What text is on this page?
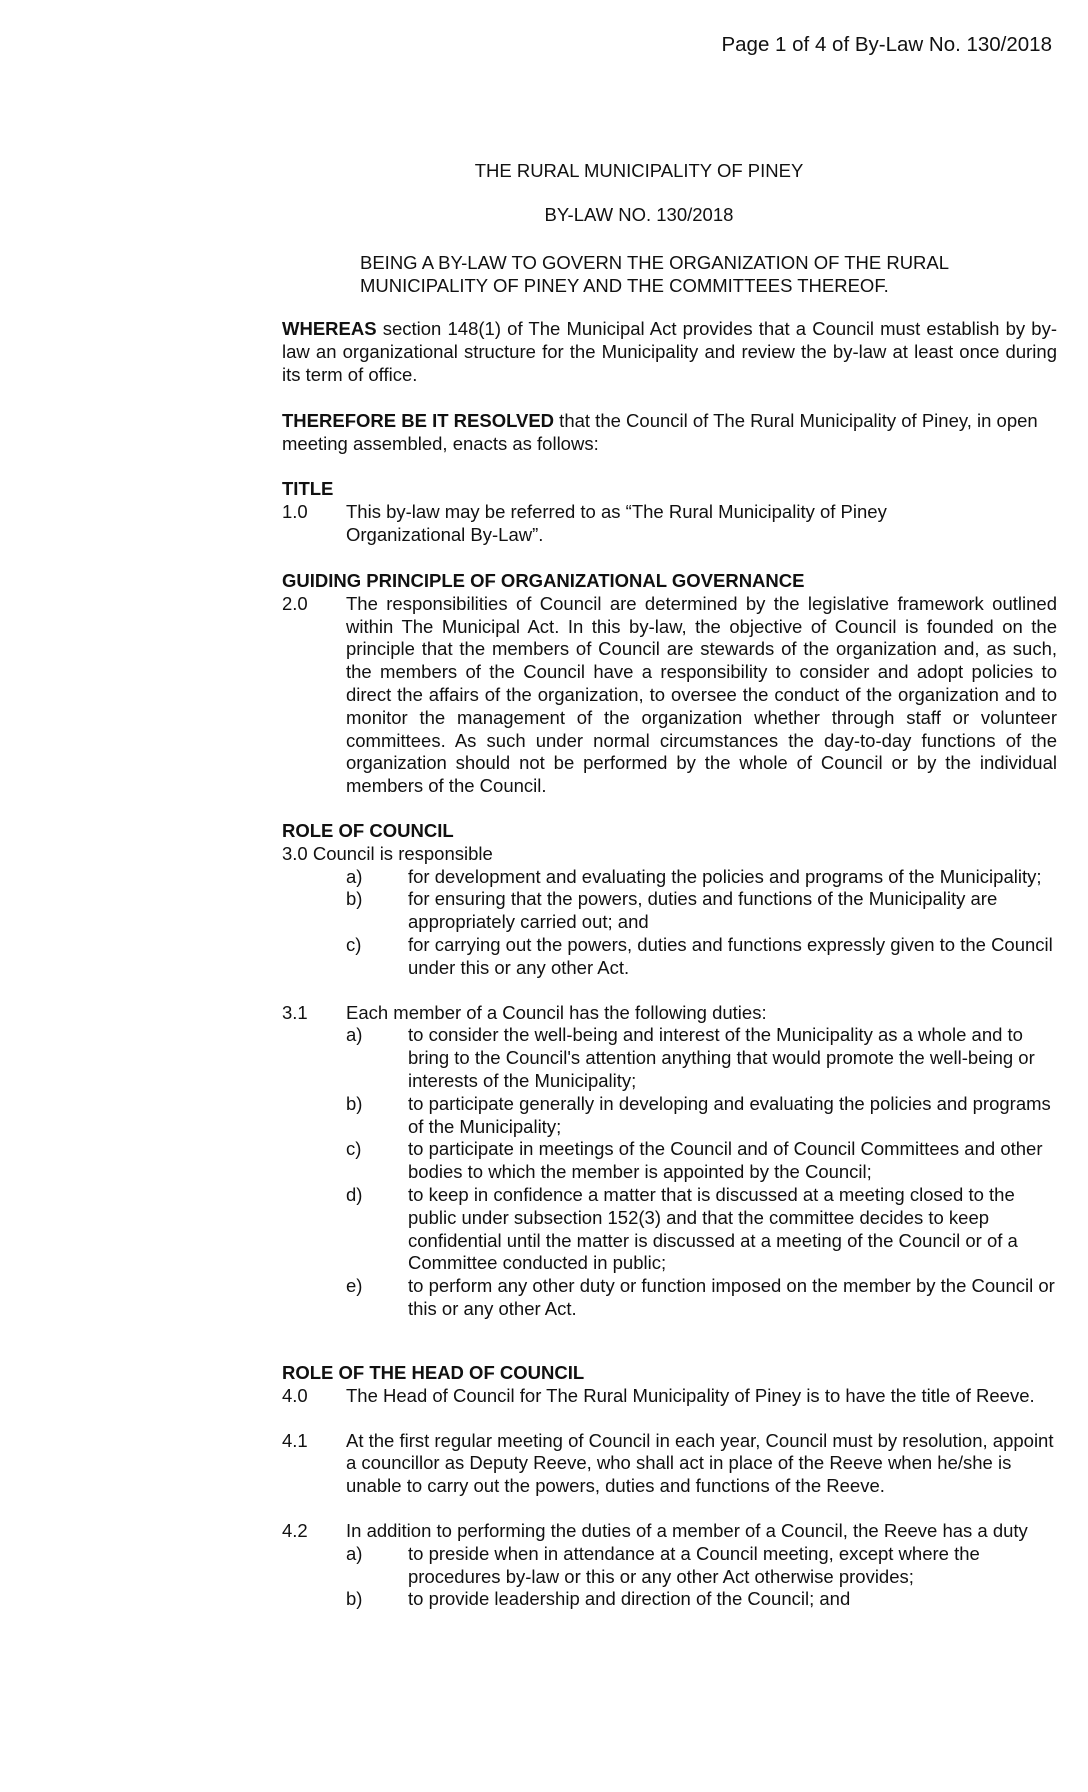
Page 1 of 4 of By-Law No. 130/2018
THE RURAL MUNICIPALITY OF PINEY
BY-LAW NO. 130/2018
BEING A BY-LAW TO GOVERN THE ORGANIZATION OF THE RURAL MUNICIPALITY OF PINEY AND THE COMMITTEES THEREOF.
WHEREAS section 148(1) of The Municipal Act provides that a Council must establish by by-law an organizational structure for the Municipality and review the by-law at least once during its term of office.
THEREFORE BE IT RESOLVED that the Council of The Rural Municipality of Piney, in open meeting assembled, enacts as follows:
TITLE
1.0 This by-law may be referred to as “The Rural Municipality of Piney Organizational By-Law”.
GUIDING PRINCIPLE OF ORGANIZATIONAL GOVERNANCE
2.0 The responsibilities of Council are determined by the legislative framework outlined within The Municipal Act. In this by-law, the objective of Council is founded on the principle that the members of Council are stewards of the organization and, as such, the members of the Council have a responsibility to consider and adopt policies to direct the affairs of the organization, to oversee the conduct of the organization and to monitor the management of the organization whether through staff or volunteer committees. As such under normal circumstances the day-to-day functions of the organization should not be performed by the whole of Council or by the individual members of the Council.
ROLE OF COUNCIL
3.0 Council is responsible
a) for development and evaluating the policies and programs of the Municipality;
b) for ensuring that the powers, duties and functions of the Municipality are appropriately carried out; and
c)	for carrying out the powers, duties and functions expressly given to the Council under this or any other Act.
3.1 Each member of a Council has the following duties:
a) to consider the well-being and interest of the Municipality as a whole and to bring to the Council's attention anything that would promote the well-being or interests of the Municipality;
b) to participate generally in developing and evaluating the policies and programs of the Municipality;
c)	to participate in meetings of the Council and of Council Committees and other bodies to which the member is appointed by the Council;
d) to keep in confidence a matter that is discussed at a meeting closed to the public under subsection 152(3) and that the committee decides to keep confidential until the matter is discussed at a meeting of the Council or of a Committee conducted in public;
e) to perform any other duty or function imposed on the member by the Council or this or any other Act.
ROLE OF THE HEAD OF COUNCIL
4.0 The Head of Council for The Rural Municipality of Piney is to have the title of Reeve.
4.1 At the first regular meeting of Council in each year, Council must by resolution, appoint a councillor as Deputy Reeve, who shall act in place of the Reeve when he/she is unable to carry out the powers, duties and functions of the Reeve.
4.2 In addition to performing the duties of a member of a Council, the Reeve has a duty
a) to preside when in attendance at a Council meeting, except where the procedures by-law or this or any other Act otherwise provides;
b) to provide leadership and direction of the Council; and
